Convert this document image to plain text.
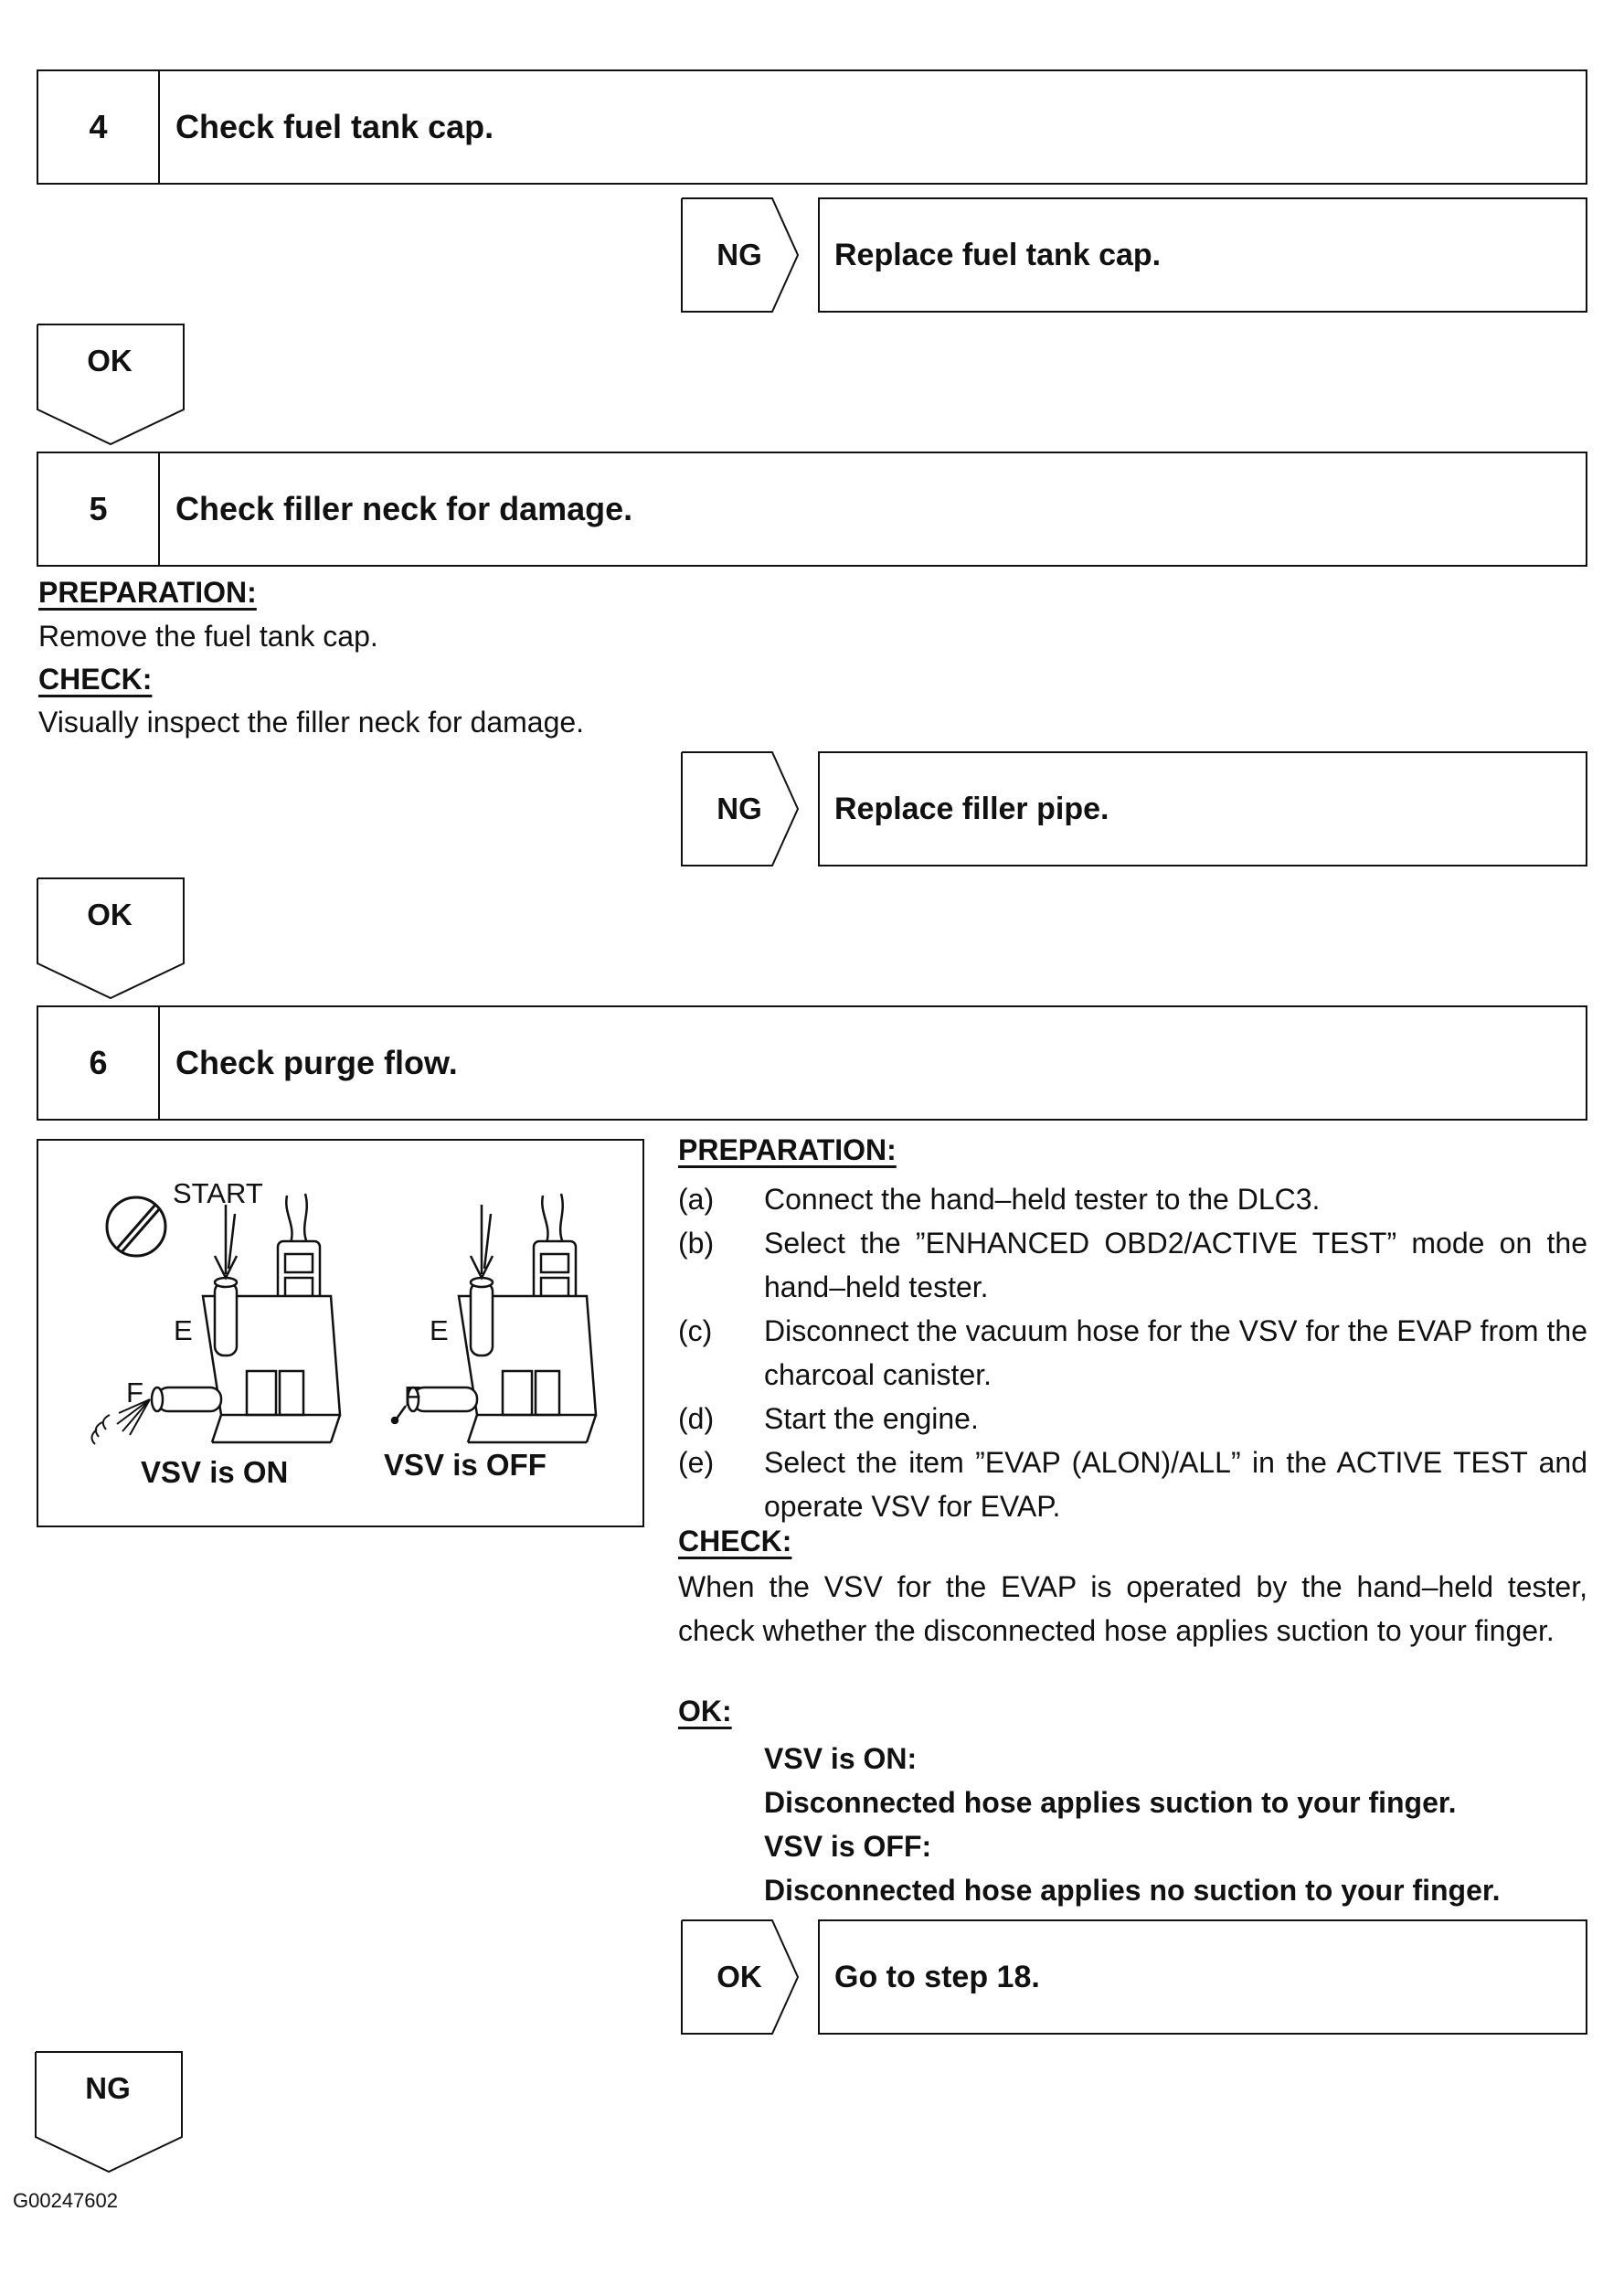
4	Check fuel tank cap.
NG	Replace fuel tank cap.
OK
5	Check filler neck for damage.
PREPARATION:
Remove the fuel tank cap.
CHECK:
Visually inspect the filler neck for damage.
NG	Replace filler pipe.
OK
6	Check purge flow.
START
E
F
VSV is ON
E
F
VSV is OFF
PREPARATION:
(a)	Connect the hand–held tester to the DLC3.
(b)	Select the ”ENHANCED OBD2/ACTIVE TEST” mode on the hand–held tester.
(c)	Disconnect the vacuum hose for the VSV for the EVAP from the charcoal canister.
(d)	Start the engine.
(e)	Select the item ”EVAP (ALON)/ALL” in the ACTIVE TEST and operate VSV for EVAP.
CHECK:
When the VSV for the EVAP is operated by the hand–held tester, check whether the disconnected hose applies suction to your finger.
OK:
VSV is ON:
Disconnected hose applies suction to your finger.
VSV is OFF:
Disconnected hose applies no suction to your finger.
OK	Go to step 18.
NG
G00247602
